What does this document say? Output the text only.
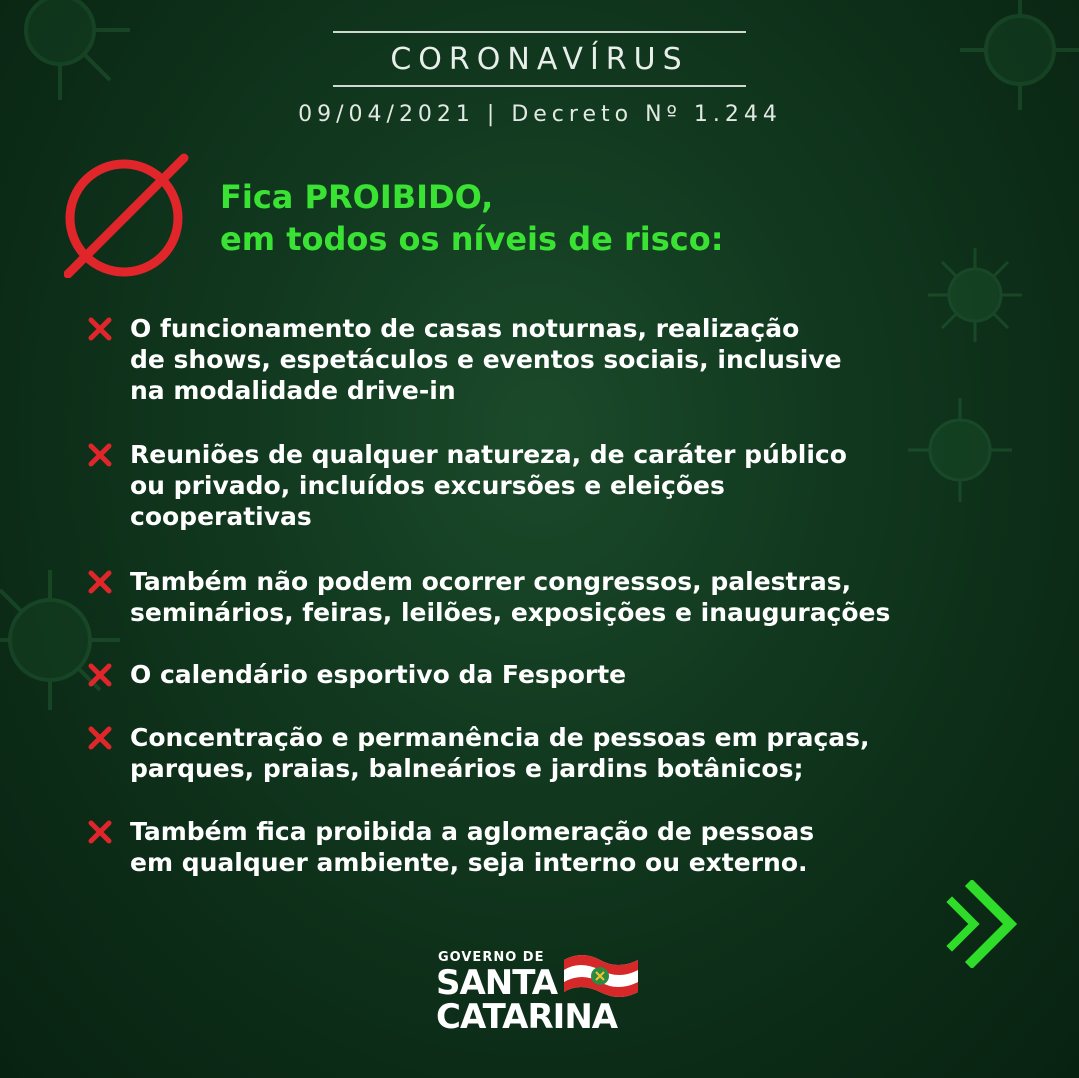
CORONAVÍRUS
09/04/2021 | Decreto Nº 1.244
Fica PROIBIDO,
em todos os níveis de risco:
O funcionamento de casas noturnas, realização
de shows, espetáculos e eventos sociais, inclusive
na modalidade drive-in
Reuniões de qualquer natureza, de caráter público
ou privado, incluídos excursões e eleições
cooperativas
Também não podem ocorrer congressos, palestras,
seminários, feiras, leilões, exposições e inaugurações
O calendário esportivo da Fesporte
Concentração e permanência de pessoas em praças,
parques, praias, balneários e jardins botânicos;
Também fica proibida a aglomeração de pessoas
em qualquer ambiente, seja interno ou externo.
GOVERNO DE
SANTA
CATARINA
